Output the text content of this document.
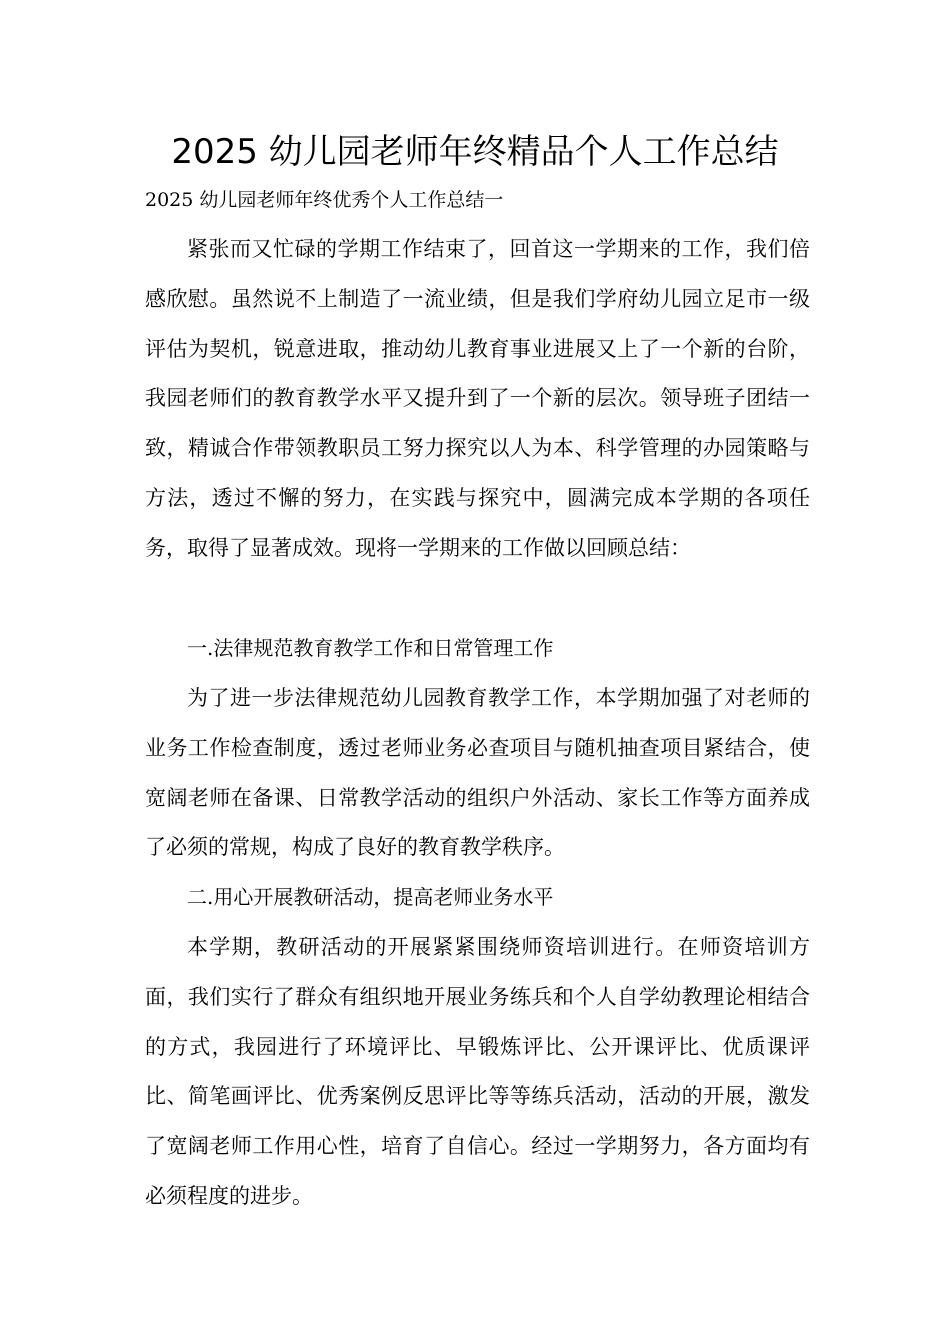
2025 幼儿园老师年终精品个人工作总结

2025 幼儿园老师年终优秀个人工作总结一

紧张而又忙碌的学期工作结束了，回首这一学期来的工作，我们倍感欣慰。虽然说不上制造了一流业绩，但是我们学府幼儿园立足市一级评估为契机，锐意进取，推动幼儿教育事业进展又上了一个新的台阶，我园老师们的教育教学水平又提升到了一个新的层次。领导班子团结一致，精诚合作带领教职员工努力探究以人为本、科学管理的办园策略与方法，透过不懈的努力，在实践与探究中，圆满完成本学期的各项任务，取得了显著成效。现将一学期来的工作做以回顾总结：

一.法律规范教育教学工作和日常管理工作

为了进一步法律规范幼儿园教育教学工作，本学期加强了对老师的业务工作检查制度，透过老师业务必查项目与随机抽查项目紧结合，使宽阔老师在备课、日常教学活动的组织户外活动、家长工作等方面养成了必须的常规，构成了良好的教育教学秩序。

二.用心开展教研活动，提高老师业务水平

本学期，教研活动的开展紧紧围绕师资培训进行。在师资培训方面，我们实行了群众有组织地开展业务练兵和个人自学幼教理论相结合的方式，我园进行了环境评比、早锻炼评比、公开课评比、优质课评比、简笔画评比、优秀案例反思评比等等练兵活动，活动的开展，激发了宽阔老师工作用心性，培育了自信心。经过一学期努力，各方面均有必须程度的进步。
